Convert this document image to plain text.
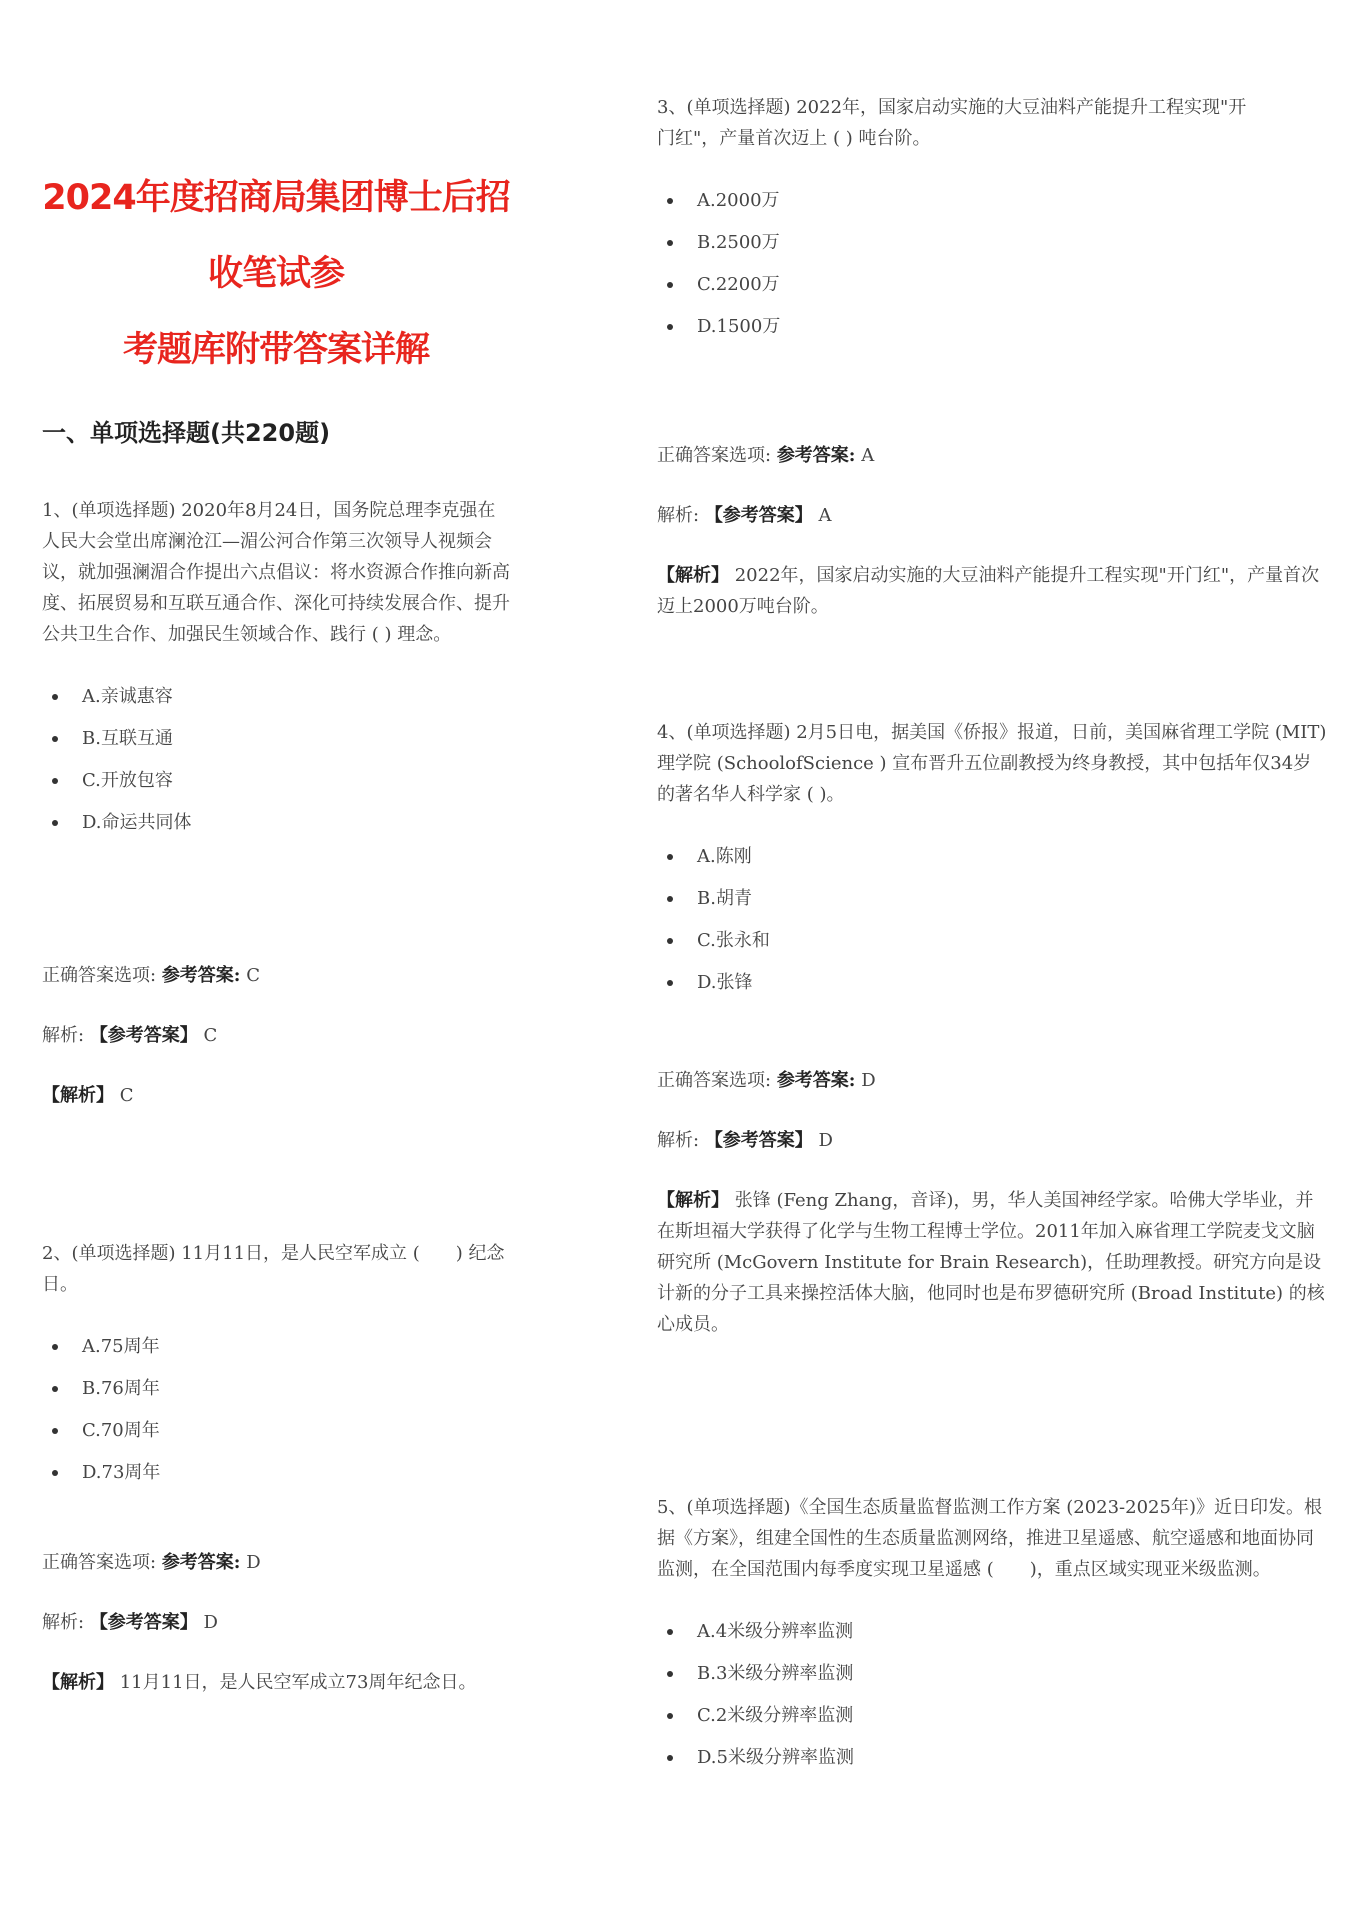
2024年度招商局集团博士后招收笔试参
考题库附带答案详解
一、单项选择题(共220题)

1、(单项选择题) 2020年8月24日，国务院总理李克强在人民大会堂出席澜沧江—湄公河合作第三次领导人视频会议，就加强澜湄合作提出六点倡议：将水资源合作推向新高度、拓展贸易和互联互通合作、深化可持续发展合作、提升公共卫生合作、加强民生领域合作、践行 ( ) 理念。

A.亲诚惠容
B.互联互通
C.开放包容
D.命运共同体
正确答案选项: 参考答案: C
解析: 【参考答案】 C
【解析】 C

2、(单项选择题) 11月11日，是人民空军成立 (　　) 纪念日。

A.75周年
B.76周年
C.70周年
D.73周年
正确答案选项: 参考答案: D
解析: 【参考答案】 D
【解析】 11月11日，是人民空军成立73周年纪念日。

3、(单项选择题) 2022年，国家启动实施的大豆油料产能提升工程实现"开门红"，产量首次迈上 ( ) 吨台阶。

A.2000万
B.2500万
C.2200万
D.1500万
正确答案选项: 参考答案: A
解析: 【参考答案】 A
【解析】 2022年，国家启动实施的大豆油料产能提升工程实现"开门红"，产量首次迈上2000万吨台阶。

4、(单项选择题) 2月5日电，据美国《侨报》报道，日前，美国麻省理工学院 (MIT) 理学院 (SchoolofScience ) 宣布晋升五位副教授为终身教授，其中包括年仅34岁的著名华人科学家 ( )。

A.陈刚
B.胡青
C.张永和
D.张锋
正确答案选项: 参考答案: D
解析: 【参考答案】 D
【解析】 张锋 (Feng Zhang，音译)，男，华人美国神经学家。哈佛大学毕业，并在斯坦福大学获得了化学与生物工程博士学位。2011年加入麻省理工学院麦戈文脑研究所 (McGovern Institute for Brain Research)，任助理教授。研究方向是设计新的分子工具来操控活体大脑，他同时也是布罗德研究所 (Broad Institute) 的核心成员。

5、(单项选择题)《全国生态质量监督监测工作方案 (2023-2025年)》近日印发。根据《方案》，组建全国性的生态质量监测网络，推进卫星遥感、航空遥感和地面协同监测，在全国范围内每季度实现卫星遥感 (　　)，重点区域实现亚米级监测。

A.4米级分辨率监测
B.3米级分辨率监测
C.2米级分辨率监测
D.5米级分辨率监测
